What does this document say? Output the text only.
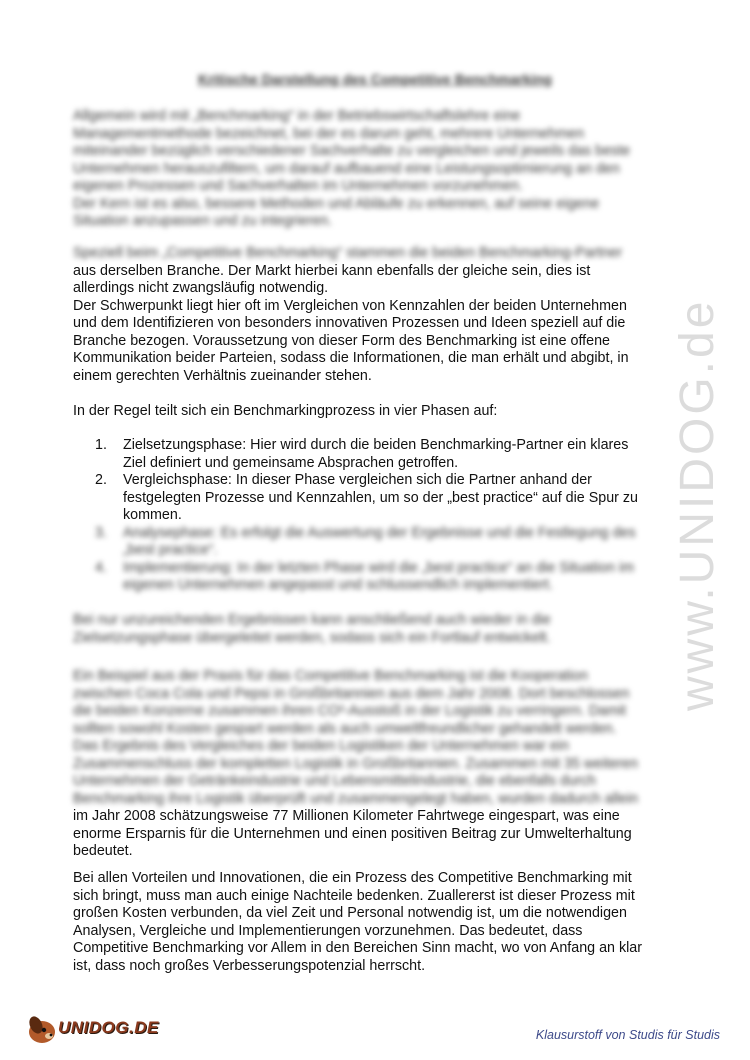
Kritische Darstellung des Competitive Benchmarking
Allgemein wird mit „Benchmarking“ in der Betriebswirtschaftslehre eine
Managementmethode bezeichnet, bei der es darum geht, mehrere Unternehmen
miteinander bezüglich verschiedener Sachverhalte zu vergleichen und jeweils das beste
Unternehmen herauszufiltern, um darauf aufbauend eine Leistungsoptimierung an den
eigenen Prozessen und Sachverhalten im Unternehmen vorzunehmen.
Der Kern ist es also, bessere Methoden und Abläufe zu erkennen, auf seine eigene
Situation anzupassen und zu integrieren.
Speziell beim „Competitive Benchmarking“ stammen die beiden Benchmarking-Partner
aus derselben Branche. Der Markt hierbei kann ebenfalls der gleiche sein, dies ist
allerdings nicht zwangsläufig notwendig.
Der Schwerpunkt liegt hier oft im Vergleichen von Kennzahlen der beiden Unternehmen
und dem Identifizieren von besonders innovativen Prozessen und Ideen speziell auf die
Branche bezogen. Voraussetzung von dieser Form des Benchmarking ist eine offene
Kommunikation beider Parteien, sodass die Informationen, die man erhält und abgibt, in
einem gerechten Verhältnis zueinander stehen.
In der Regel teilt sich ein Benchmarkingprozess in vier Phasen auf:
1. Zielsetzungsphase: Hier wird durch die beiden Benchmarking-Partner ein klares
Ziel definiert und gemeinsame Absprachen getroffen.
2. Vergleichsphase: In dieser Phase vergleichen sich die Partner anhand der
festgelegten Prozesse und Kennzahlen, um so der „best practice“ auf die Spur zu
kommen.
3. Analysephase: Es erfolgt die Auswertung der Ergebnisse und die Festlegung des
„best practice“.
4. Implementierung: In der letzten Phase wird die „best practice“ an die Situation im
eigenen Unternehmen angepasst und schlussendlich implementiert.
Bei nur unzureichenden Ergebnissen kann anschließend auch wieder in die
Zielsetzungsphase übergeleitet werden, sodass sich ein Fortlauf entwickelt.
Ein Beispiel aus der Praxis für das Competitive Benchmarking ist die Kooperation
zwischen Coca Cola und Pepsi in Großbritannien aus dem Jahr 2008. Dort beschlossen
die beiden Konzerne zusammen ihren CO²-Ausstoß in der Logistik zu verringern. Damit
sollten sowohl Kosten gespart werden als auch umweltfreundlicher gehandelt werden.
Das Ergebnis des Vergleiches der beiden Logistiken der Unternehmen war ein
Zusammenschluss der kompletten Logistik in Großbritannien. Zusammen mit 35 weiteren
Unternehmen der Getränkeindustrie und Lebensmittelindustrie, die ebenfalls durch
Benchmarking ihre Logistik überprüft und zusammengelegt haben, wurden dadurch allein
im Jahr 2008 schätzungsweise 77 Millionen Kilometer Fahrtwege eingespart, was eine
enorme Ersparnis für die Unternehmen und einen positiven Beitrag zur Umwelterhaltung
bedeutet.
Bei allen Vorteilen und Innovationen, die ein Prozess des Competitive Benchmarking mit
sich bringt, muss man auch einige Nachteile bedenken. Zuallererst ist dieser Prozess mit
großen Kosten verbunden, da viel Zeit und Personal notwendig ist, um die notwendigen
Analysen, Vergleiche und Implementierungen vorzunehmen. Das bedeutet, dass
Competitive Benchmarking vor Allem in den Bereichen Sinn macht, wo von Anfang an klar
ist, dass noch großes Verbesserungspotenzial herrscht.
www.UNIDOG.de
UNIDOG.DE	Klausurstoff von Studis für Studis
